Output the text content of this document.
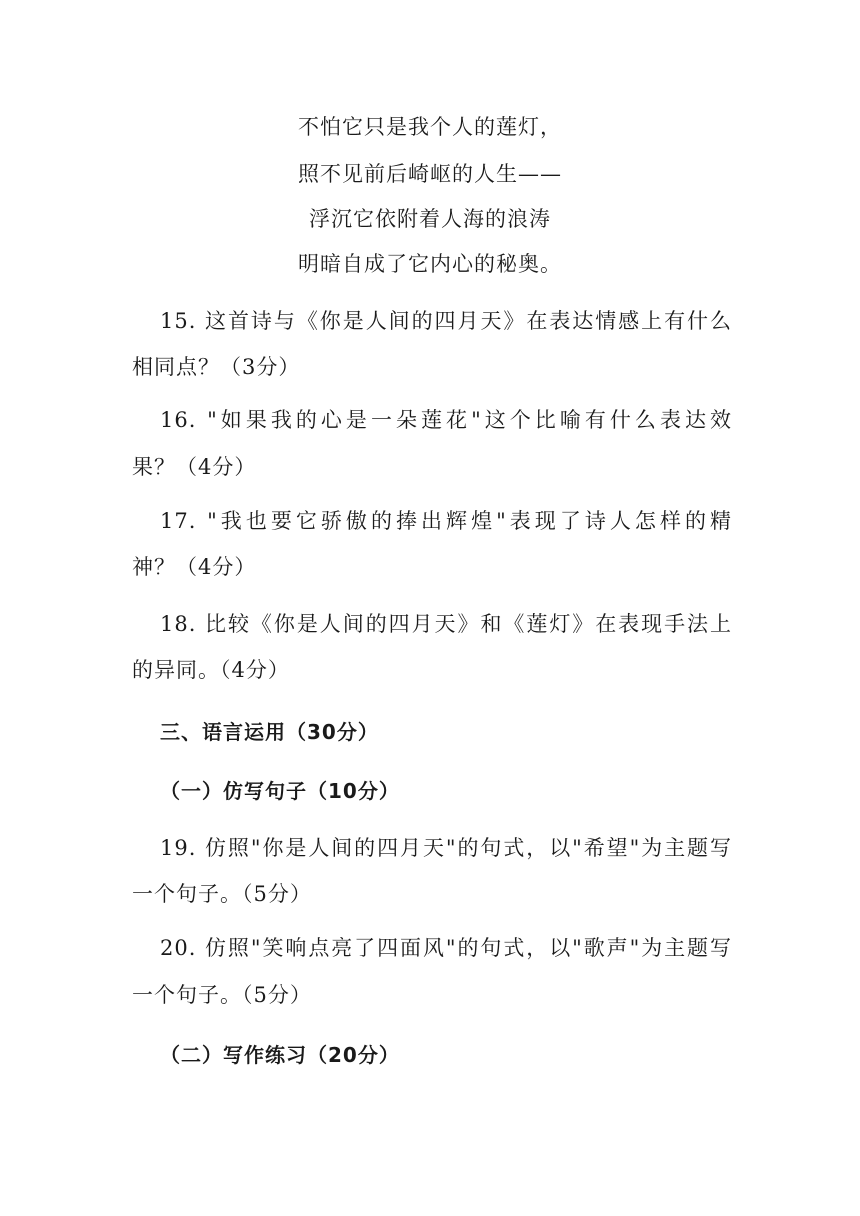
不怕它只是我个人的莲灯，
照不见前后崎岖的人生——
浮沉它依附着人海的浪涛
明暗自成了它内心的秘奥。
15. 这首诗与《你是人间的四月天》在表达情感上有什么
相同点？（3分）
16. "如果我的心是一朵莲花"这个比喻有什么表达效
果？（4分）
17. "我也要它骄傲的捧出辉煌"表现了诗人怎样的精
神？（4分）
18. 比较《你是人间的四月天》和《莲灯》在表现手法上
的异同。（4分）
三、语言运用（30分）
（一）仿写句子（10分）
19. 仿照"你是人间的四月天"的句式，以"希望"为主题写
一个句子。（5分）
20. 仿照"笑响点亮了四面风"的句式，以"歌声"为主题写
一个句子。（5分）
（二）写作练习（20分）
